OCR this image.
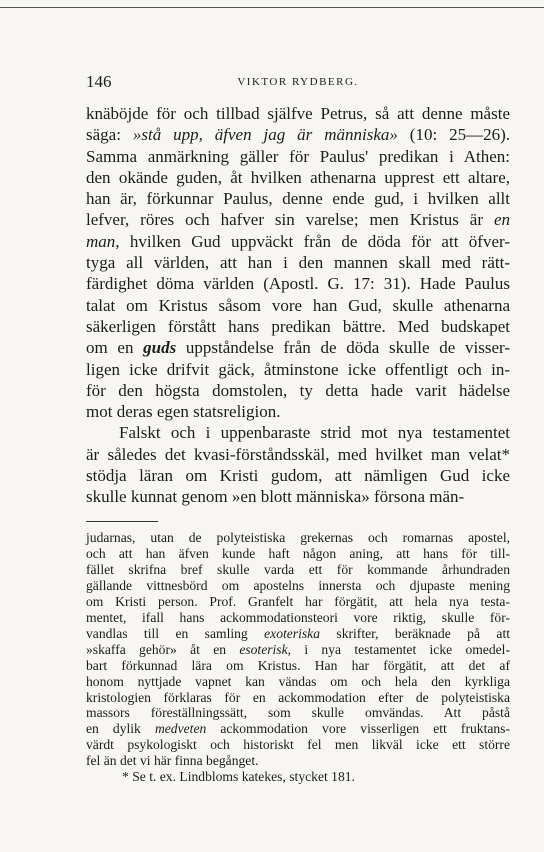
146	VIKTOR RYDBERG.
knäböjde för och tillbad själfve Petrus, så att denne måste
säga: »stå upp, äfven jag är människa» (10: 25—26).
Samma anmärkning gäller för Paulus' predikan i Athen:
den okände guden, åt hvilken athenarna upprest ett altare,
han är, förkunnar Paulus, denne ende gud, i hvilken allt
lefver, röres och hafver sin varelse; men Kristus är en
man, hvilken Gud uppväckt från de döda för att öfver-
tyga all världen, att han i den mannen skall med rätt-
färdighet döma världen (Apostl. G. 17: 31). Hade Paulus
talat om Kristus såsom vore han Gud, skulle athenarna
säkerligen förstått hans predikan bättre. Med budskapet
om en guds uppståndelse från de döda skulle de visser-
ligen icke drifvit gäck, åtminstone icke offentligt och in-
för den högsta domstolen, ty detta hade varit hädelse
mot deras egen statsreligion.
Falskt och i uppenbaraste strid mot nya testamentet
är således det kvasi-förståndsskäl, med hvilket man velat*
stödja läran om Kristi gudom, att nämligen Gud icke
skulle kunnat genom »en blott människa» försona män-
judarnas, utan de polyteistiska grekernas och romarnas apostel,
och att han äfven kunde haft någon aning, att hans för till-
fället skrifna bref skulle varda ett för kommande århundraden
gällande vittnesbörd om apostelns innersta och djupaste mening
om Kristi person. Prof. Granfelt har förgätit, att hela nya testa-
mentet, ifall hans ackommodationsteori vore riktig, skulle för-
vandlas till en samling exoteriska skrifter, beräknade på att
»skaffa gehör» åt en esoterisk, i nya testamentet icke omedel-
bart förkunnad lära om Kristus. Han har förgätit, att det af
honom nyttjade vapnet kan vändas om och hela den kyrkliga
kristologien förklaras för en ackommodation efter de polyteistiska
massors föreställningssätt, som skulle omvändas. Att påstå
en dylik medveten ackommodation vore visserligen ett fruktans-
värdt psykologiskt och historiskt fel men likväl icke ett större
fel än det vi här finna begånget.
* Se t. ex. Lindbloms katekes, stycket 181.
